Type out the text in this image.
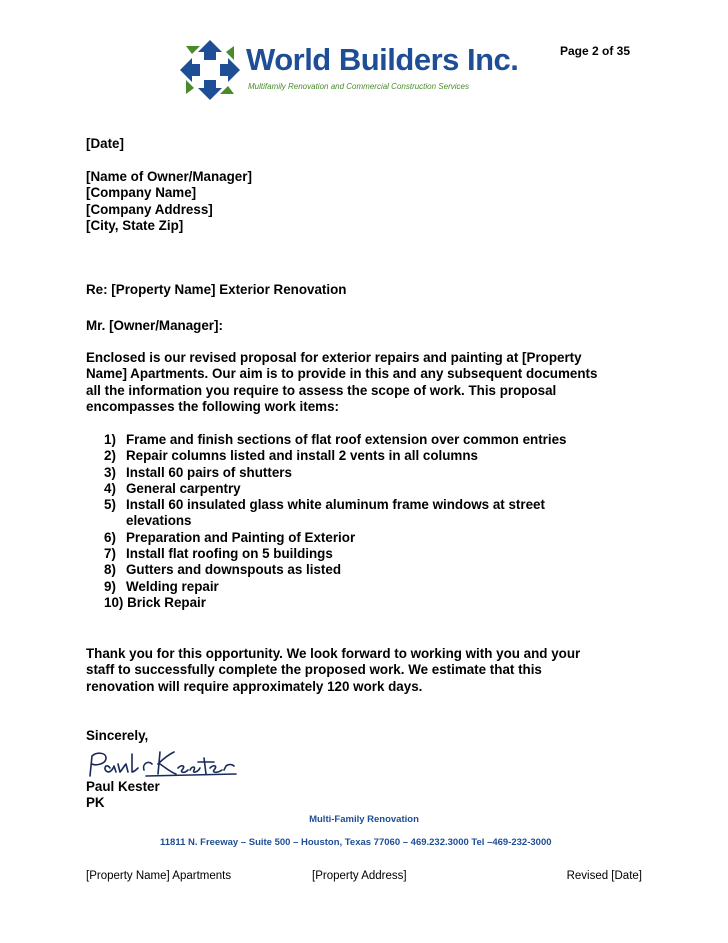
Page 2 of 35
World Builders Inc.
Multifamily Renovation and Commercial Construction Services
[Date]
[Name of Owner/Manager]
[Company Name]
[Company Address]
[City, State Zip]
Re: [Property Name] Exterior Renovation
Mr. [Owner/Manager]:
Enclosed is our revised proposal for exterior repairs and painting at [Property
Name] Apartments. Our aim is to provide in this and any subsequent documents
all the information you require to assess the scope of work. This proposal
encompasses the following work items:
1) Frame and finish sections of flat roof extension over common entries
2) Repair columns listed and install 2 vents in all columns
3) Install 60 pairs of shutters
4) General carpentry
5) Install 60 insulated glass white aluminum frame windows at street elevations
6) Preparation and Painting of Exterior
7) Install flat roofing on 5 buildings
8) Gutters and downspouts as listed
9) Welding repair
10) Brick Repair
Thank you for this opportunity. We look forward to working with you and your
staff to successfully complete the proposed work. We estimate that this
renovation will require approximately 120 work days.
Sincerely,
Paul Kester
PK
Multi-Family Renovation
11811 N. Freeway – Suite 500 – Houston, Texas 77060 – 469.232.3000 Tel –469-232-3000
[Property Name] Apartments	[Property Address]	Revised [Date]
